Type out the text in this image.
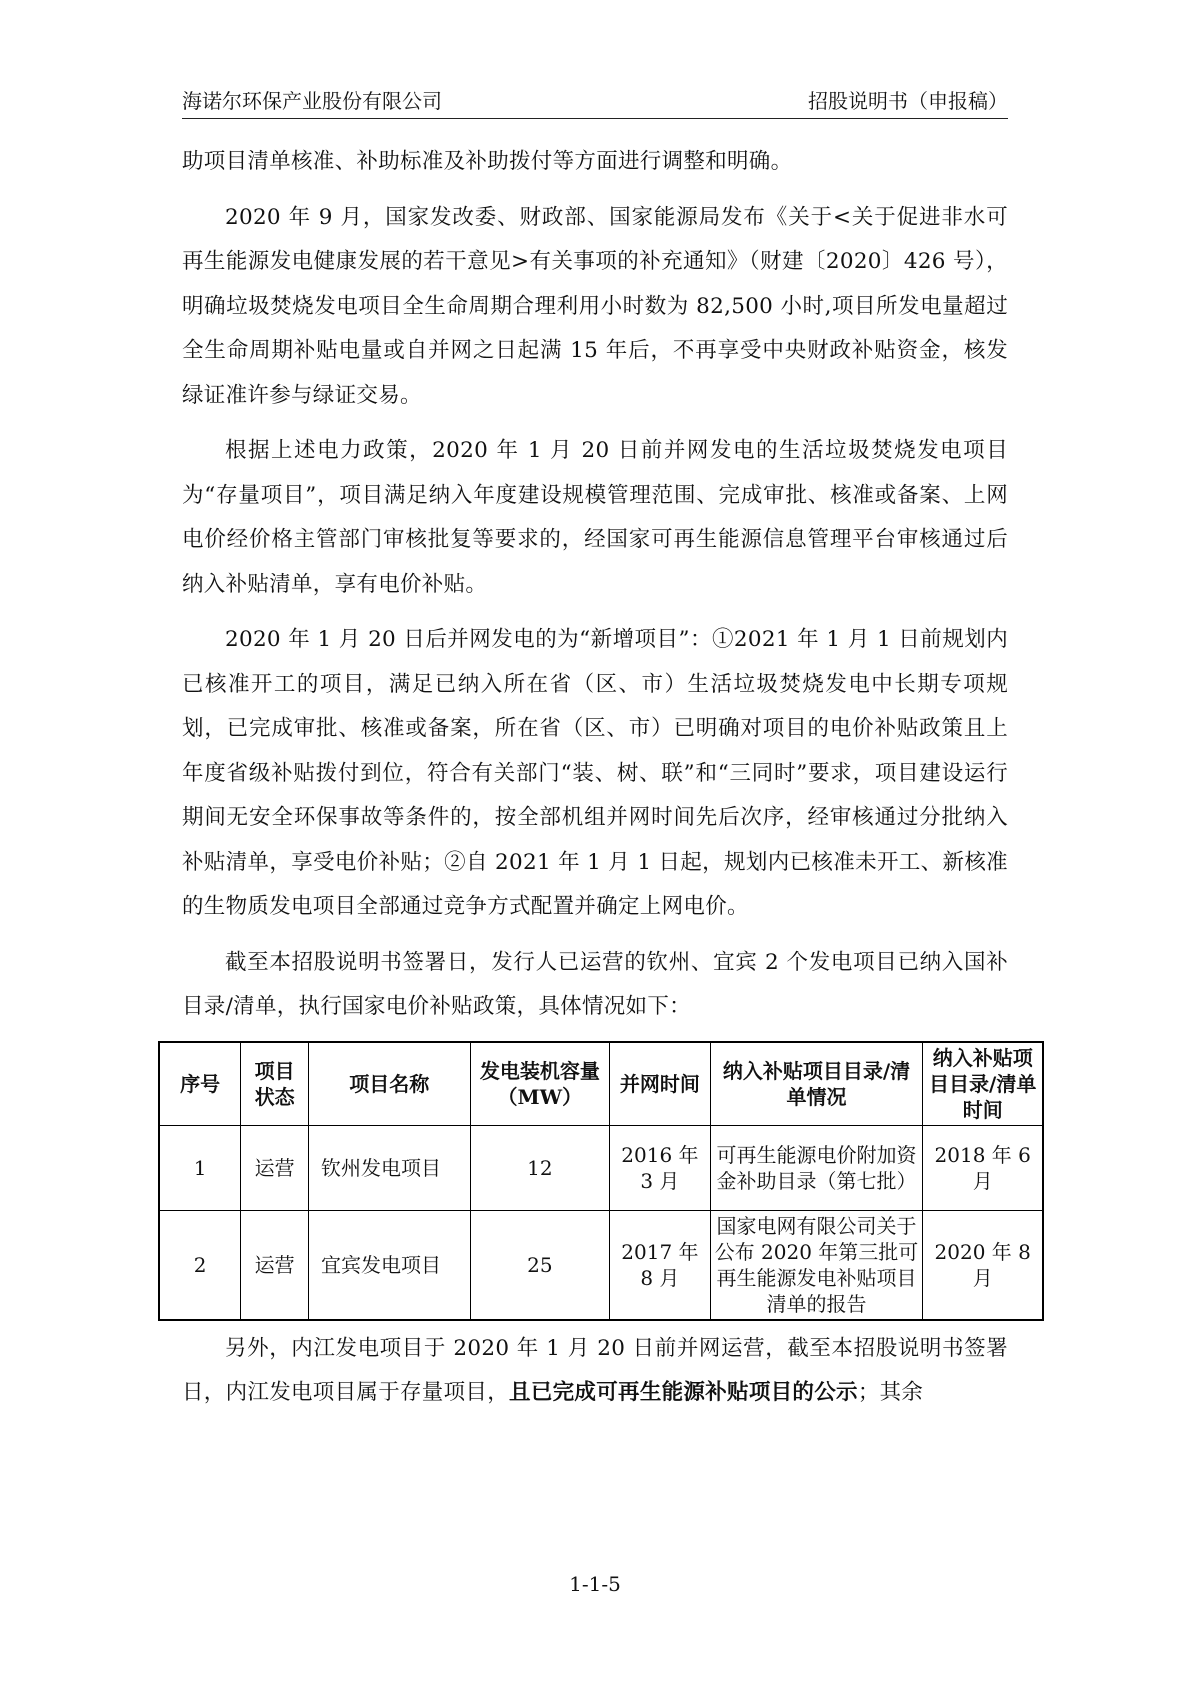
海诺尔环保产业股份有限公司	招股说明书（申报稿）

助项目清单核准、补助标准及补助拨付等方面进行调整和明确。

2020 年 9 月，国家发改委、财政部、国家能源局发布《关于<关于促进非水可再生能源发电健康发展的若干意见>有关事项的补充通知》（财建〔2020〕426 号），明确垃圾焚烧发电项目全生命周期合理利用小时数为 82,500 小时,项目所发电量超过全生命周期补贴电量或自并网之日起满 15 年后，不再享受中央财政补贴资金，核发绿证准许参与绿证交易。

根据上述电力政策，2020 年 1 月 20 日前并网发电的生活垃圾焚烧发电项目为“存量项目”，项目满足纳入年度建设规模管理范围、完成审批、核准或备案、上网电价经价格主管部门审核批复等要求的，经国家可再生能源信息管理平台审核通过后纳入补贴清单，享有电价补贴。

2020 年 1 月 20 日后并网发电的为“新增项目”：①2021 年 1 月 1 日前规划内已核准开工的项目，满足已纳入所在省（区、市）生活垃圾焚烧发电中长期专项规划，已完成审批、核准或备案，所在省（区、市）已明确对项目的电价补贴政策且上年度省级补贴拨付到位，符合有关部门“装、树、联”和“三同时”要求，项目建设运行期间无安全环保事故等条件的，按全部机组并网时间先后次序，经审核通过分批纳入补贴清单，享受电价补贴；②自 2021 年 1 月 1 日起，规划内已核准未开工、新核准的生物质发电项目全部通过竞争方式配置并确定上网电价。

截至本招股说明书签署日，发行人已运营的钦州、宜宾 2 个发电项目已纳入国补目录/清单，执行国家电价补贴政策，具体情况如下：

序号	项目状态	项目名称	发电装机容量（MW）	并网时间	纳入补贴项目目录/清单情况	纳入补贴项目目录/清单时间
1	运营	钦州发电项目	12	2016 年 3 月	可再生能源电价附加资金补助目录（第七批）	2018 年 6 月
2	运营	宜宾发电项目	25	2017 年 8 月	国家电网有限公司关于公布 2020 年第三批可再生能源发电补贴项目清单的报告	2020 年 8 月

另外，内江发电项目于 2020 年 1 月 20 日前并网运营，截至本招股说明书签署日，内江发电项目属于存量项目，且已完成可再生能源补贴项目的公示；其余

1-1-5
